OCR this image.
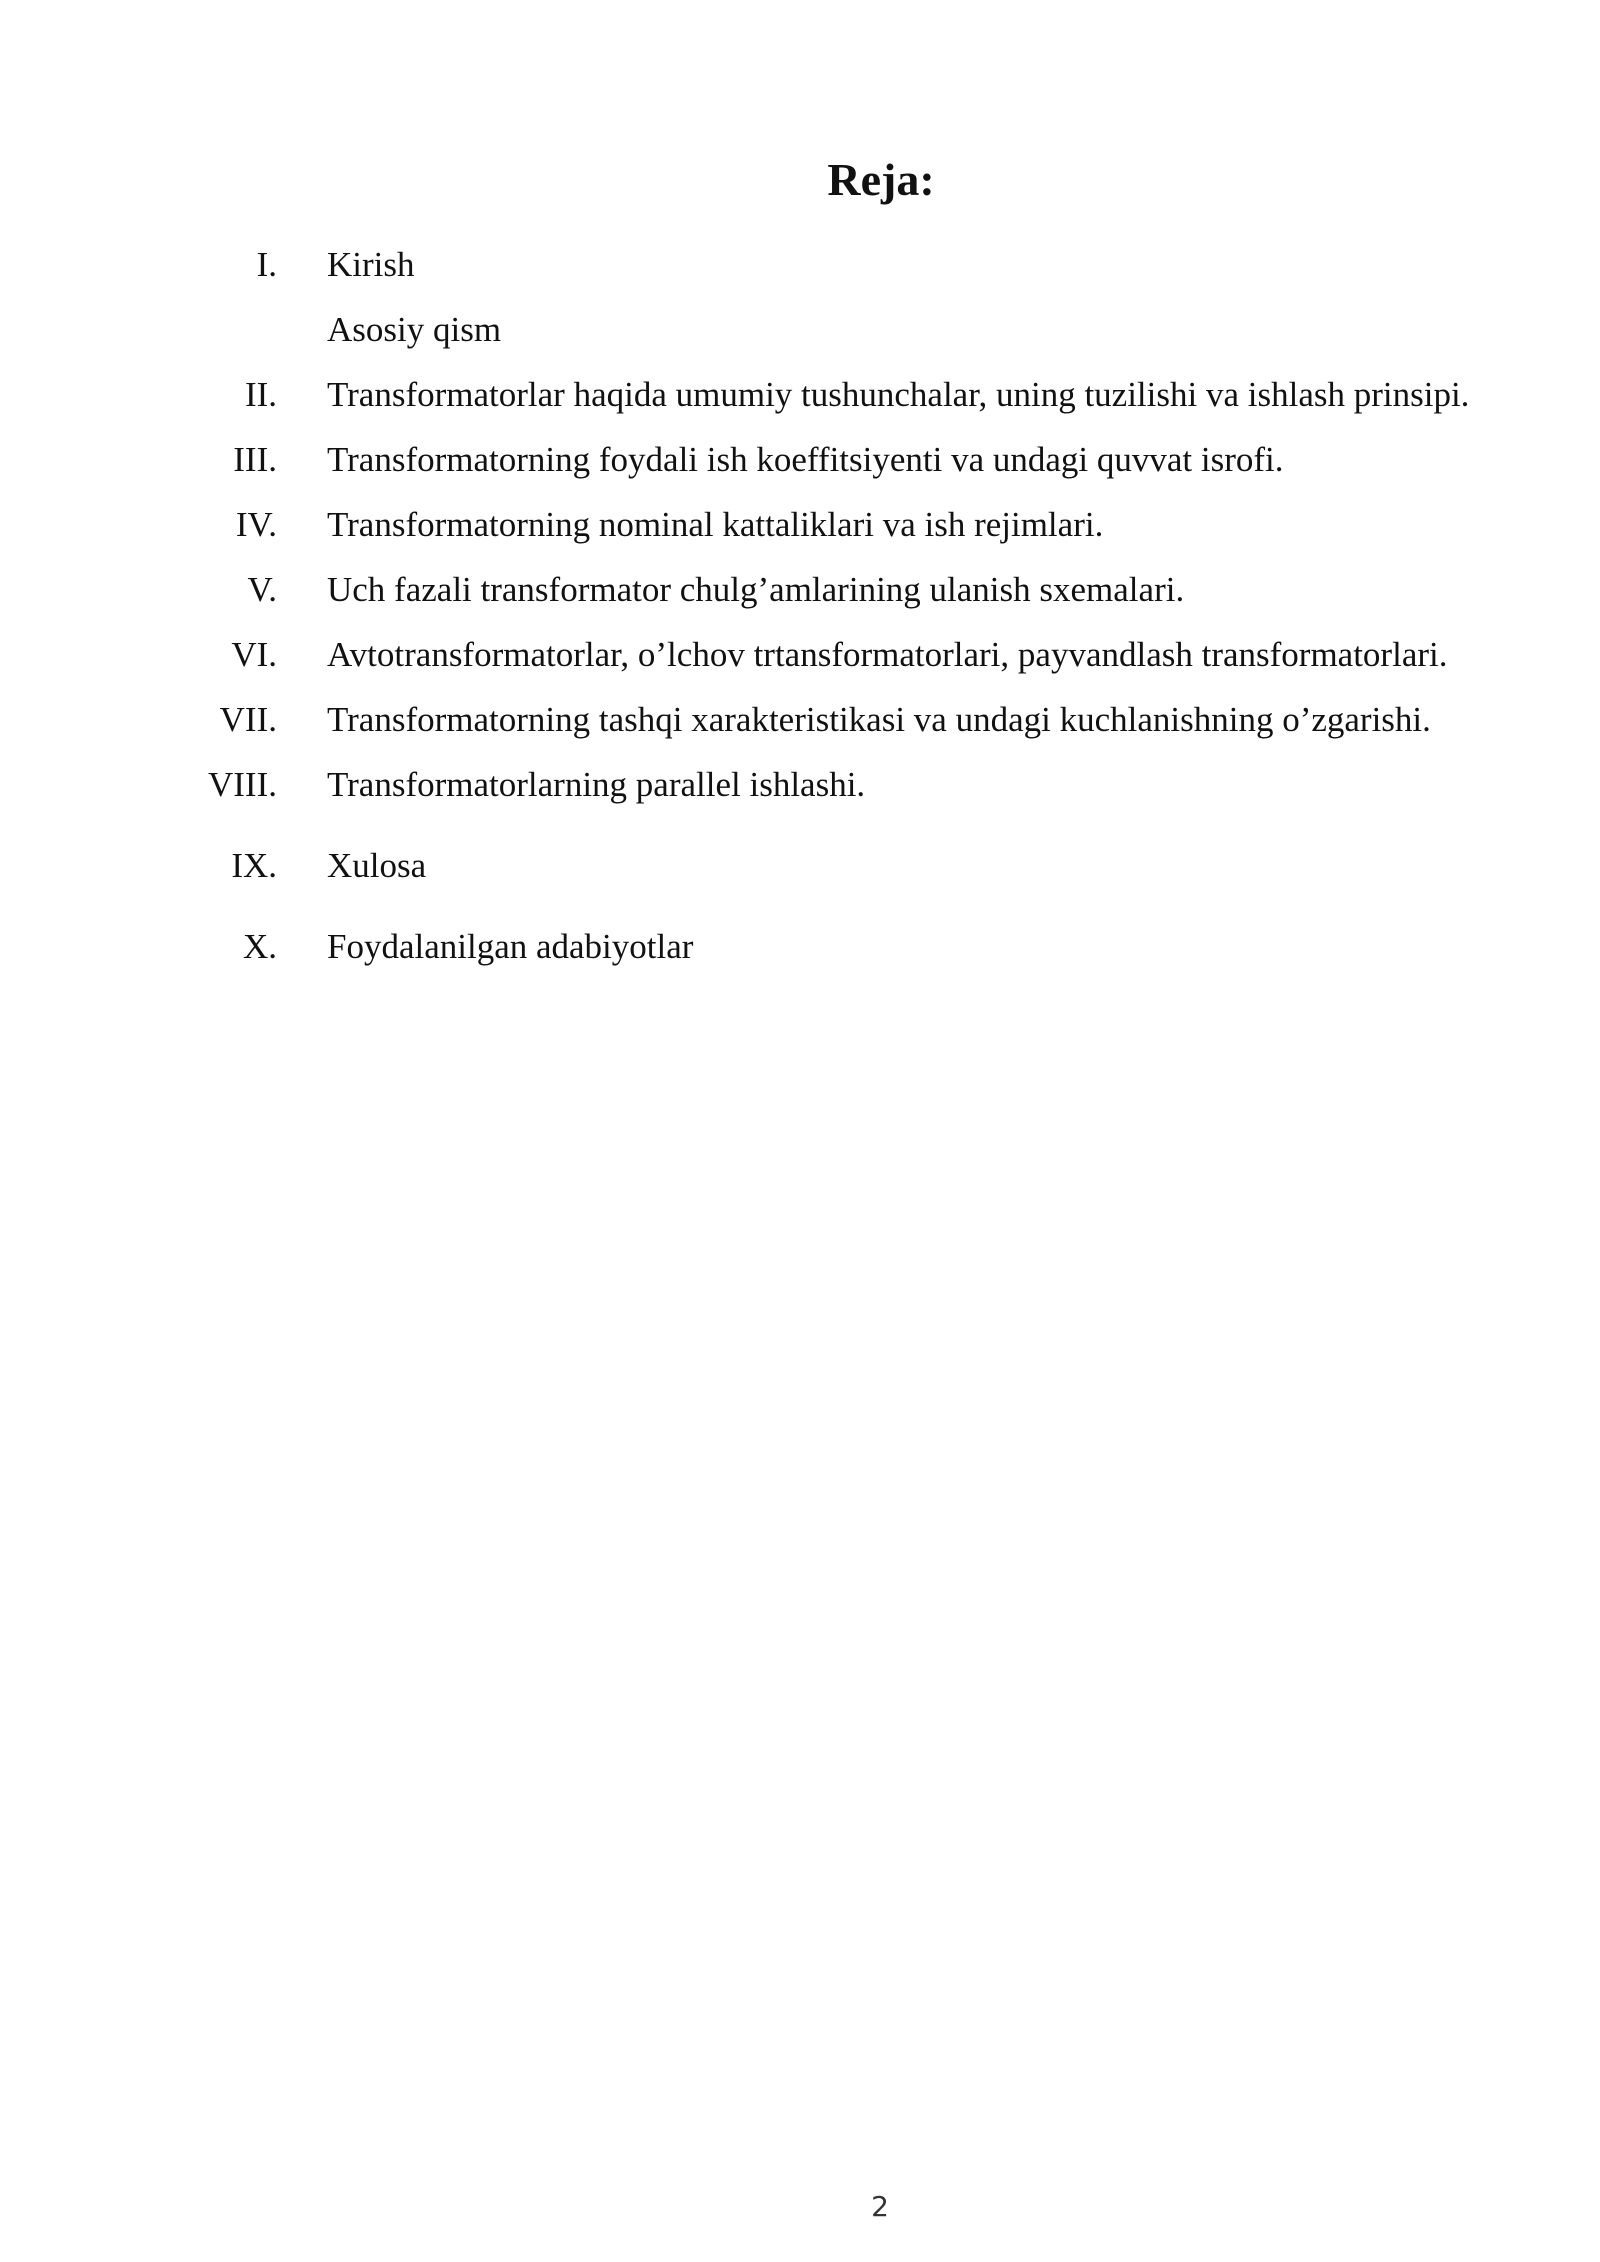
Reja:
I. Kirish
Asosiy qism
II. Transformatorlar haqida umumiy tushunchalar, uning tuzilishi va ishlash prinsipi.
III. Transformatorning foydali ish koeffitsiyenti va undagi quvvat isrofi.
IV. Transformatorning nominal kattaliklari va ish rejimlari.
V. Uch fazali transformator chulg’amlarining ulanish sxemalari.
VI. Avtotransformatorlar, o’lchov trtansformatorlari, payvandlash transformatorlari.
VII. Transformatorning tashqi xarakteristikasi va undagi kuchlanishning o’zgarishi.
VIII. Transformatorlarning parallel ishlashi.
IX. Xulosa
X. Foydalanilgan adabiyotlar
2
